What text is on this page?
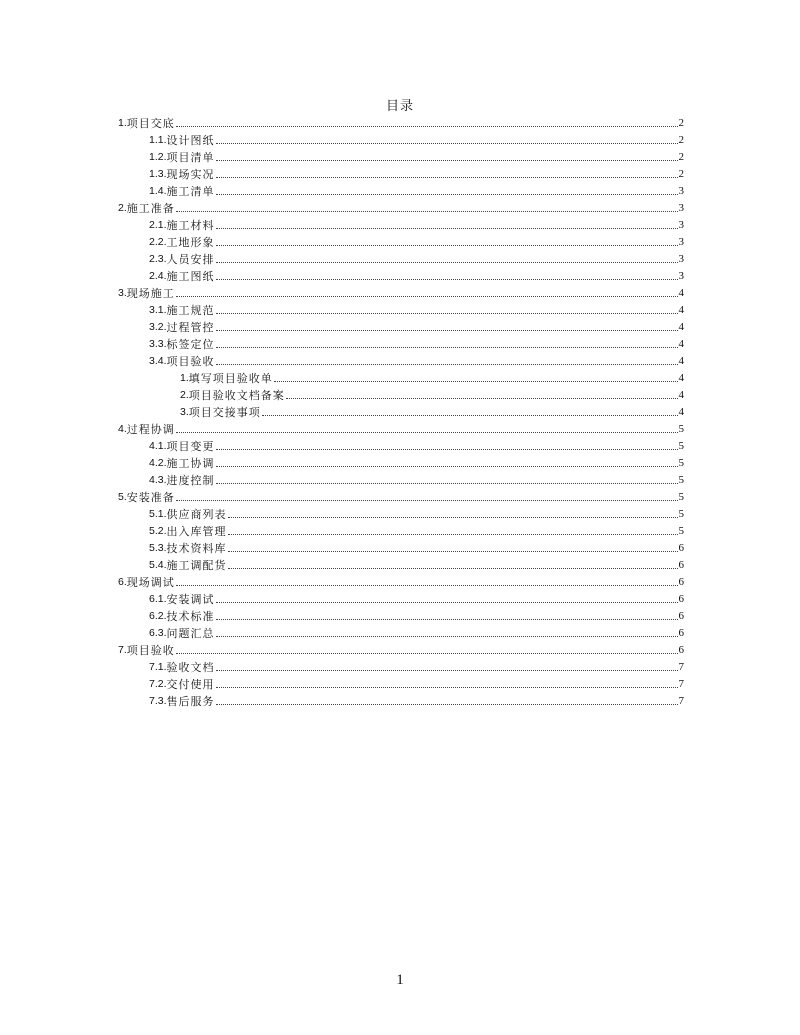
目录
1. 项目交底	2
1.1. 设计图纸	2
1.2. 项目清单	2
1.3. 现场实况	2
1.4. 施工清单	3
2. 施工准备	3
2.1. 施工材料	3
2.2. 工地形象	3
2.3. 人员安排	3
2.4. 施工图纸	3
3. 现场施工	4
3.1. 施工规范	4
3.2. 过程管控	4
3.3. 标签定位	4
3.4. 项目验收	4
1. 填写项目验收单	4
2. 项目验收文档备案	4
3. 项目交接事项	4
4. 过程协调	5
4.1. 项目变更	5
4.2. 施工协调	5
4.3. 进度控制	5
5. 安装准备	5
5.1. 供应商列表	5
5.2. 出入库管理	5
5.3. 技术资料库	6
5.4. 施工调配货	6
6. 现场调试	6
6.1. 安装调试	6
6.2. 技术标准	6
6.3. 问题汇总	6
7. 项目验收	6
7.1. 验收文档	7
7.2. 交付使用	7
7.3. 售后服务	7
1
